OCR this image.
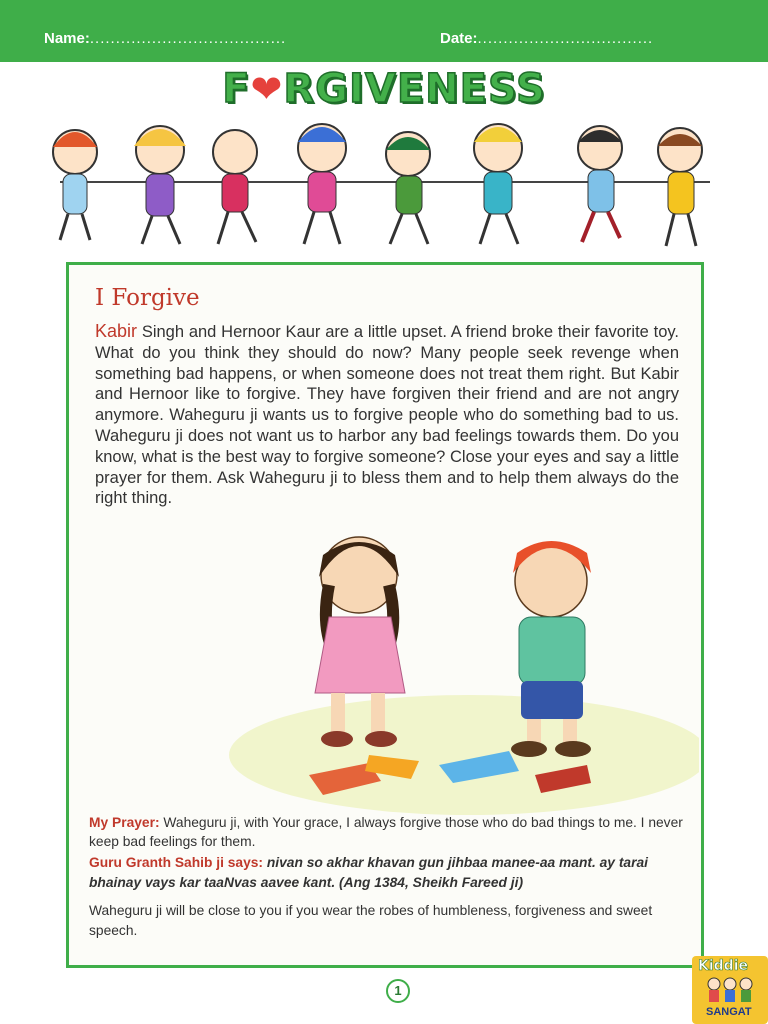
Name:......................................	Date:..................................
F❤RGIVENESS
I Forgive

Kabir Singh and Hernoor Kaur are a little upset. A friend broke their favorite toy. What do you think they should do now? Many people seek revenge when something bad happens, or when someone does not treat them right. But Kabir and Hernoor like to forgive. They have forgiven their friend and are not angry anymore. Waheguru ji wants us to forgive people who do something bad to us. Waheguru ji does not want us to harbor any bad feelings towards them. Do you know, what is the best way to forgive someone? Close your eyes and say a little prayer for them. Ask Waheguru ji to bless them and to help them always do the right thing.

My Prayer: Waheguru ji, with Your grace, I always forgive those who do bad things to me. I never keep bad feelings for them.
Guru Granth Sahib ji says: nivan so akhar khavan gun jihbaa manee-aa mant. ay tarai bhainay vays kar taaNvas aavee kant. (Ang 1384, Sheikh Fareed ji)
Waheguru ji will be close to you if you wear the robes of humbleness, forgiveness and sweet speech.
1
Kiddie
SANGAT
